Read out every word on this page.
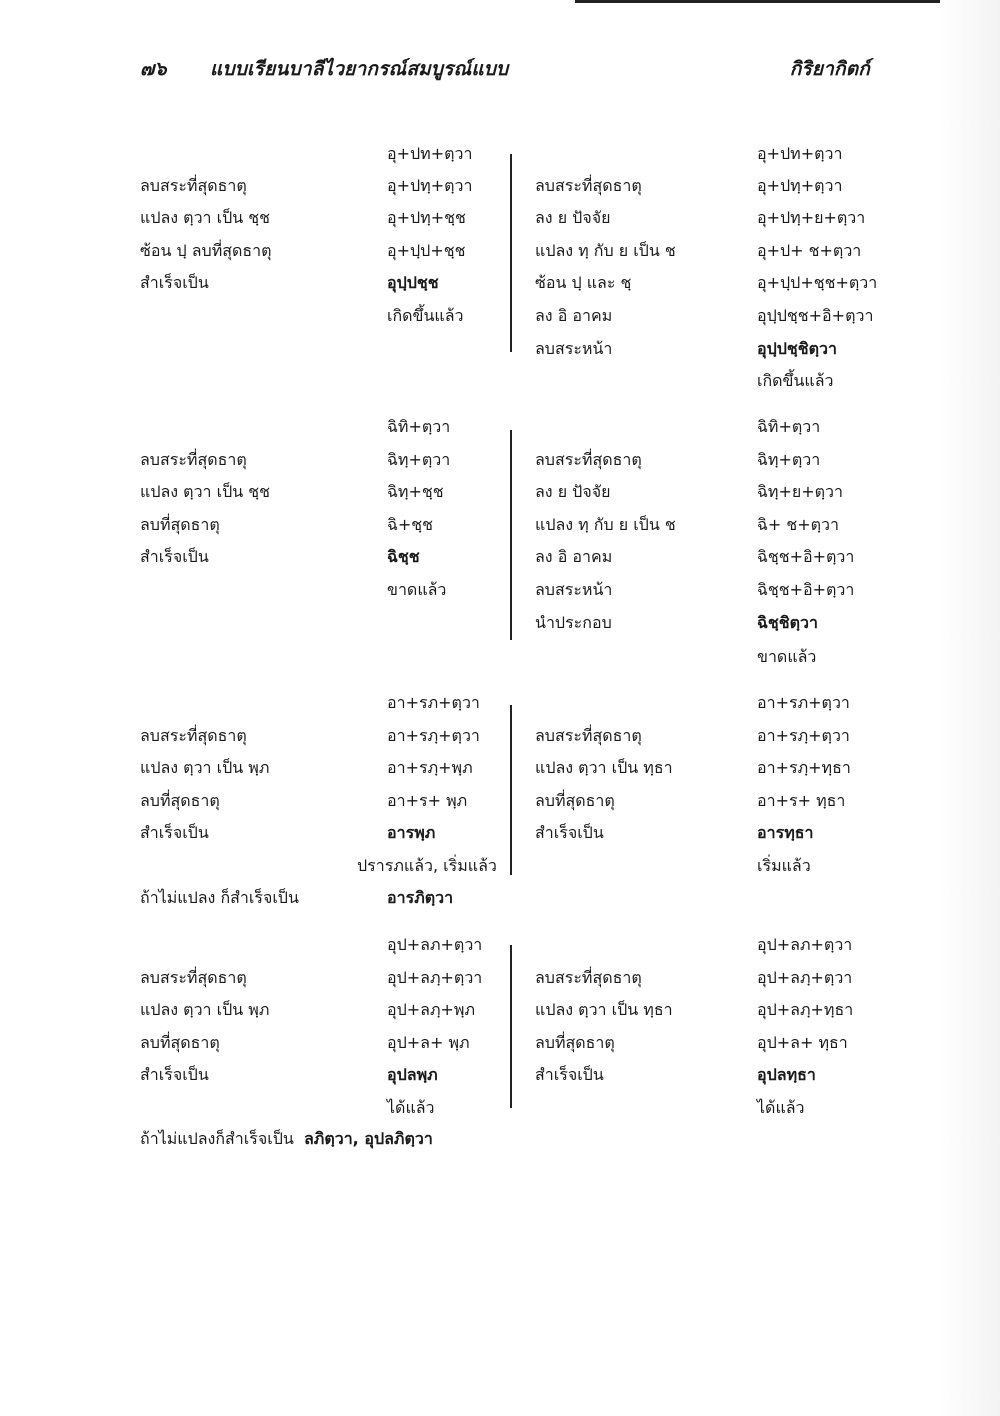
๗๖ แบบเรียนบาลีไวยากรณ์สมบูรณ์แบบ	กิริยากิตก์
ลบสระที่สุดธาตุ
แปลง ตฺวา เป็น ชฺช
ซ้อน ปฺ ลบที่สุดธาตุ
สำเร็จเป็น
ลบสระที่สุดธาตุ
แปลง ตฺวา เป็น ชฺช
ลบที่สุดธาตุ
สำเร็จเป็น
ลบสระที่สุดธาตุ
แปลง ตฺวา เป็น พฺภ
ลบที่สุดธาตุ
สำเร็จเป็น
ถ้าไม่แปลง ก็สำเร็จเป็น
ลบสระที่สุดธาตุ
แปลง ตฺวา เป็น พฺภ
ลบที่สุดธาตุ
สำเร็จเป็น
ถ้าไม่แปลงก็สำเร็จเป็น ลภิตฺวา, อุปลภิตฺวา
อุ+ปท+ตฺวา
อุ+ปทฺ+ตฺวา
อุ+ปทฺ+ชฺช
อุ+ปฺป+ชฺช
อุปฺปชฺช
เกิดขึ้นแล้ว
ฉิทิ+ตฺวา
ฉิทฺ+ตฺวา
ฉิทฺ+ชฺช
ฉิ+ชฺช
ฉิชฺช
ขาดแล้ว
อา+รภ+ตฺวา
อา+รภฺ+ตฺวา
อา+รภฺ+พฺภ
อา+ร+ พฺภ
อารพฺภ
ปรารภแล้ว, เริ่มแล้ว
อารภิตฺวา
อุป+ลภ+ตฺวา
อุป+ลภฺ+ตฺวา
อุป+ลภฺ+พฺภ
อุป+ล+ พฺภ
อุปลพฺภ
ได้แล้ว
ลบสระที่สุดธาตุ
ลง ย ปัจจัย
แปลง ทฺ กับ ย เป็น ช
ซ้อน ปฺ และ ชฺ
ลง อิ อาคม
ลบสระหน้า
ลบสระที่สุดธาตุ
ลง ย ปัจจัย
แปลง ทฺ กับ ย เป็น ช
ลง อิ อาคม
ลบสระหน้า
นำประกอบ
ลบสระที่สุดธาตุ
แปลง ตฺวา เป็น ทฺธา
ลบที่สุดธาตุ
สำเร็จเป็น
ลบสระที่สุดธาตุ
แปลง ตฺวา เป็น ทฺธา
ลบที่สุดธาตุ
สำเร็จเป็น
อุ+ปท+ตฺวา
อุ+ปทฺ+ตฺวา
อุ+ปทฺ+ย+ตฺวา
อุ+ป+ ช+ตฺวา
อุ+ปฺป+ชฺช+ตฺวา
อุปฺปชฺช+อิ+ตฺวา
อุปฺปชฺชิตฺวา
เกิดขึ้นแล้ว
ฉิทิ+ตฺวา
ฉิทฺ+ตฺวา
ฉิทฺ+ย+ตฺวา
ฉิ+ ช+ตฺวา
ฉิชฺช+อิ+ตฺวา
ฉิชฺช+อิ+ตฺวา
ฉิชฺชิตฺวา
ขาดแล้ว
อา+รภ+ตฺวา
อา+รภฺ+ตฺวา
อา+รภฺ+ทฺธา
อา+ร+ ทฺธา
อารทฺธา
เริ่มแล้ว
อุป+ลภ+ตฺวา
อุป+ลภฺ+ตฺวา
อุป+ลภฺ+ทฺธา
อุป+ล+ ทฺธา
อุปลทฺธา
ได้แล้ว
